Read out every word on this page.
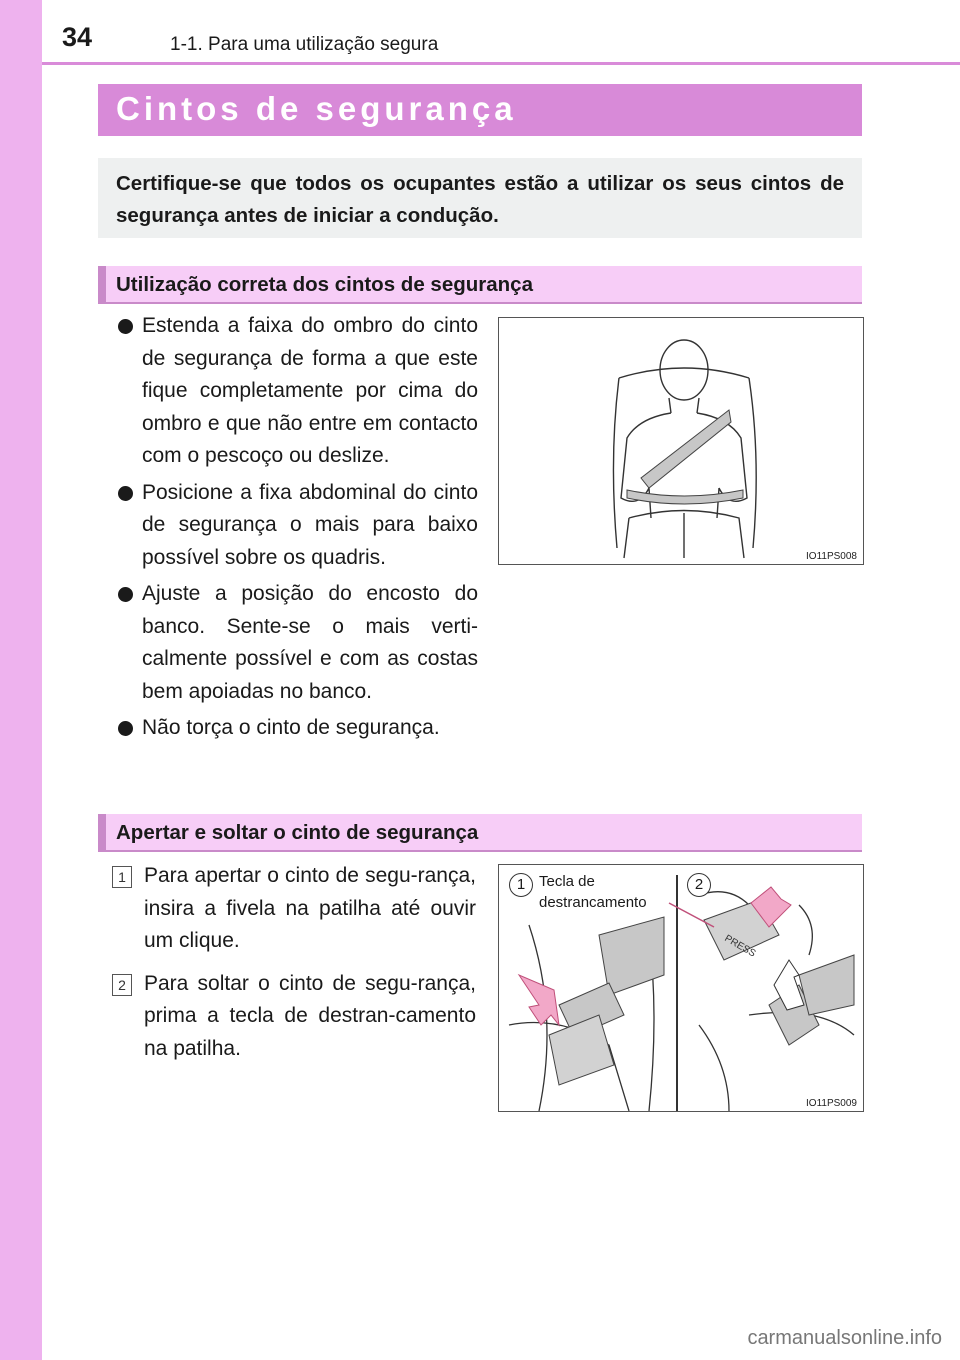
34	1-1. Para uma utilização segura
Cintos de segurança
Certifique-se que todos os ocupantes estão a utilizar os seus cintos de segurança antes de iniciar a condução.
Utilização correta dos cintos de segurança
Estenda a faixa do ombro do cinto de segurança de forma a que este fique completamente por cima do ombro e que não entre em contacto com o pescoço ou deslize.
Posicione a fixa abdominal do cinto de segurança o mais para baixo possível sobre os quadris.
Ajuste a posição do encosto do banco. Sente-se o mais verti-calmente possível e com as costas bem apoiadas no banco.
Não torça o cinto de segurança.
IO11PS008
Apertar e soltar o cinto de segurança
1 Para apertar o cinto de segu-rança, insira a fivela na patilha até ouvir um clique.
2 Para soltar o cinto de segu-rança, prima a tecla de destran-camento na patilha.
PRESS
1 Tecla de destrancamento
2
IO11PS009
carmanualsonline.info
